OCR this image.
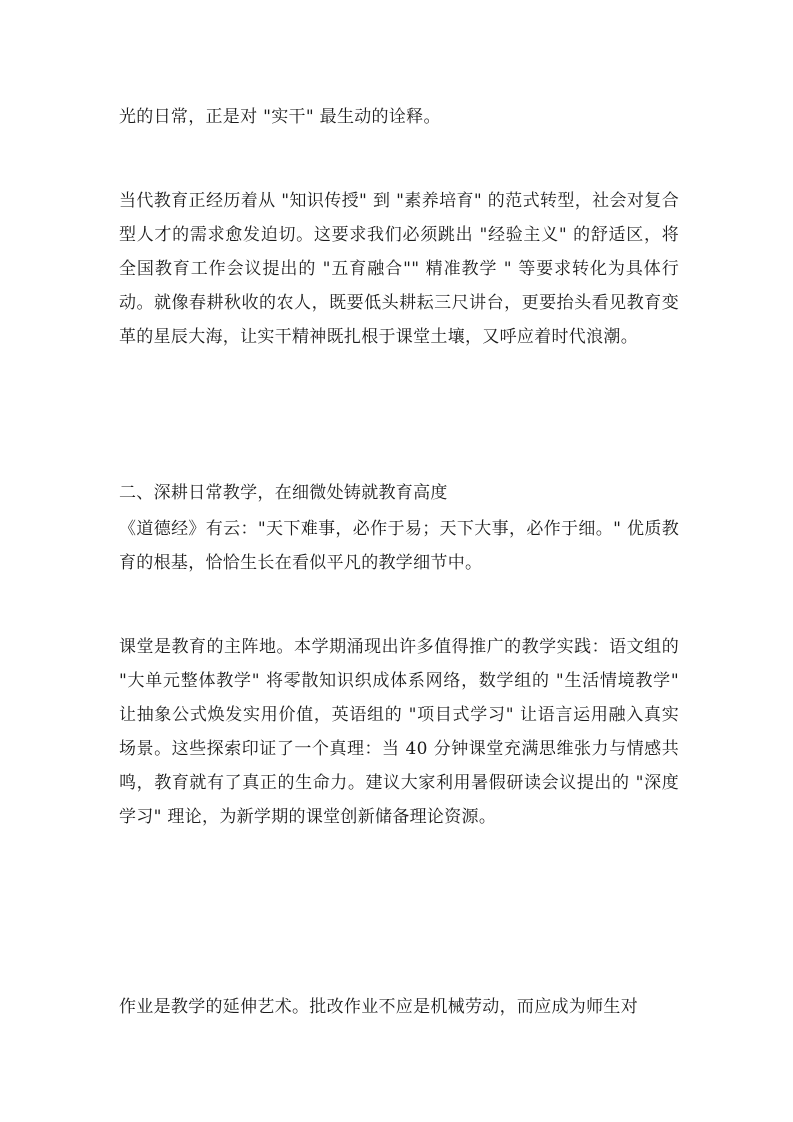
光的日常，正是对 "实干" 最生动的诠释。

当代教育正经历着从 "知识传授" 到 "素养培育" 的范式转型，社会对复合型人才的需求愈发迫切。这要求我们必须跳出 "经验主义" 的舒适区，将全国教育工作会议提出的 "五育融合"" 精准教学 " 等要求转化为具体行动。就像春耕秋收的农人，既要低头耕耘三尺讲台，更要抬头看见教育变革的星辰大海，让实干精神既扎根于课堂土壤，又呼应着时代浪潮。

二、深耕日常教学，在细微处铸就教育高度

《道德经》有云："天下难事，必作于易；天下大事，必作于细。" 优质教育的根基，恰恰生长在看似平凡的教学细节中。

课堂是教育的主阵地。本学期涌现出许多值得推广的教学实践：语文组的 "大单元整体教学" 将零散知识织成体系网络，数学组的 "生活情境教学" 让抽象公式焕发实用价值，英语组的 "项目式学习" 让语言运用融入真实场景。这些探索印证了一个真理：当 40 分钟课堂充满思维张力与情感共鸣，教育就有了真正的生命力。建议大家利用暑假研读会议提出的 "深度学习" 理论，为新学期的课堂创新储备理论资源。

作业是教学的延伸艺术。批改作业不应是机械劳动，而应成为师生对
